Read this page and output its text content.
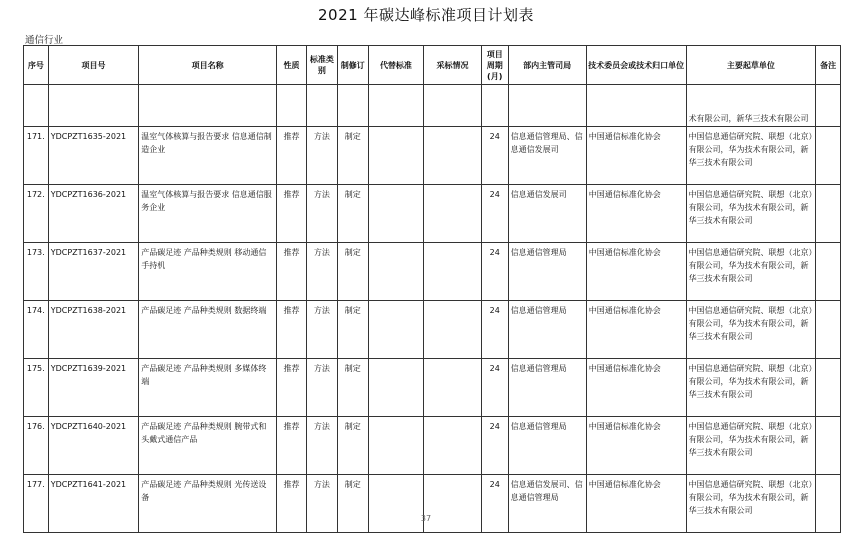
2021 年碳达峰标准项目计划表
通信行业
序号	项目号	项目名称	性质	标准类别	制修订	代替标准	采标情况	项目周期(月)	部内主管司局	技术委员会或技术归口单位	主要起草单位	备注
											术有限公司，新华三技术有限公司	
171.	YDCPZT1635-2021	温室气体核算与报告要求 信息通信制造企业	推荐	方法	制定			24	信息通信管理局、信息通信发展司	中国通信标准化协会	中国信息通信研究院、联想（北京）有限公司，华为技术有限公司，新华三技术有限公司	
172.	YDCPZT1636-2021	温室气体核算与报告要求 信息通信服务企业	推荐	方法	制定			24	信息通信发展司	中国通信标准化协会	中国信息通信研究院、联想（北京）有限公司，华为技术有限公司，新华三技术有限公司	
173.	YDCPZT1637-2021	产品碳足迹 产品种类规则 移动通信手持机	推荐	方法	制定			24	信息通信管理局	中国通信标准化协会	中国信息通信研究院、联想（北京）有限公司，华为技术有限公司，新华三技术有限公司	
174.	YDCPZT1638-2021	产品碳足迹 产品种类规则 数据终端	推荐	方法	制定			24	信息通信管理局	中国通信标准化协会	中国信息通信研究院、联想（北京）有限公司，华为技术有限公司，新华三技术有限公司	
175.	YDCPZT1639-2021	产品碳足迹 产品种类规则 多媒体终端	推荐	方法	制定			24	信息通信管理局	中国通信标准化协会	中国信息通信研究院、联想（北京）有限公司，华为技术有限公司，新华三技术有限公司	
176.	YDCPZT1640-2021	产品碳足迹 产品种类规则 腕带式和头戴式通信产品	推荐	方法	制定			24	信息通信管理局	中国通信标准化协会	中国信息通信研究院、联想（北京）有限公司，华为技术有限公司，新华三技术有限公司	
177.	YDCPZT1641-2021	产品碳足迹 产品种类规则 光传送设备	推荐	方法	制定			24	信息通信发展司、信息通信管理局	中国通信标准化协会	中国信息通信研究院、联想（北京）有限公司，华为技术有限公司，新华三技术有限公司	
37
